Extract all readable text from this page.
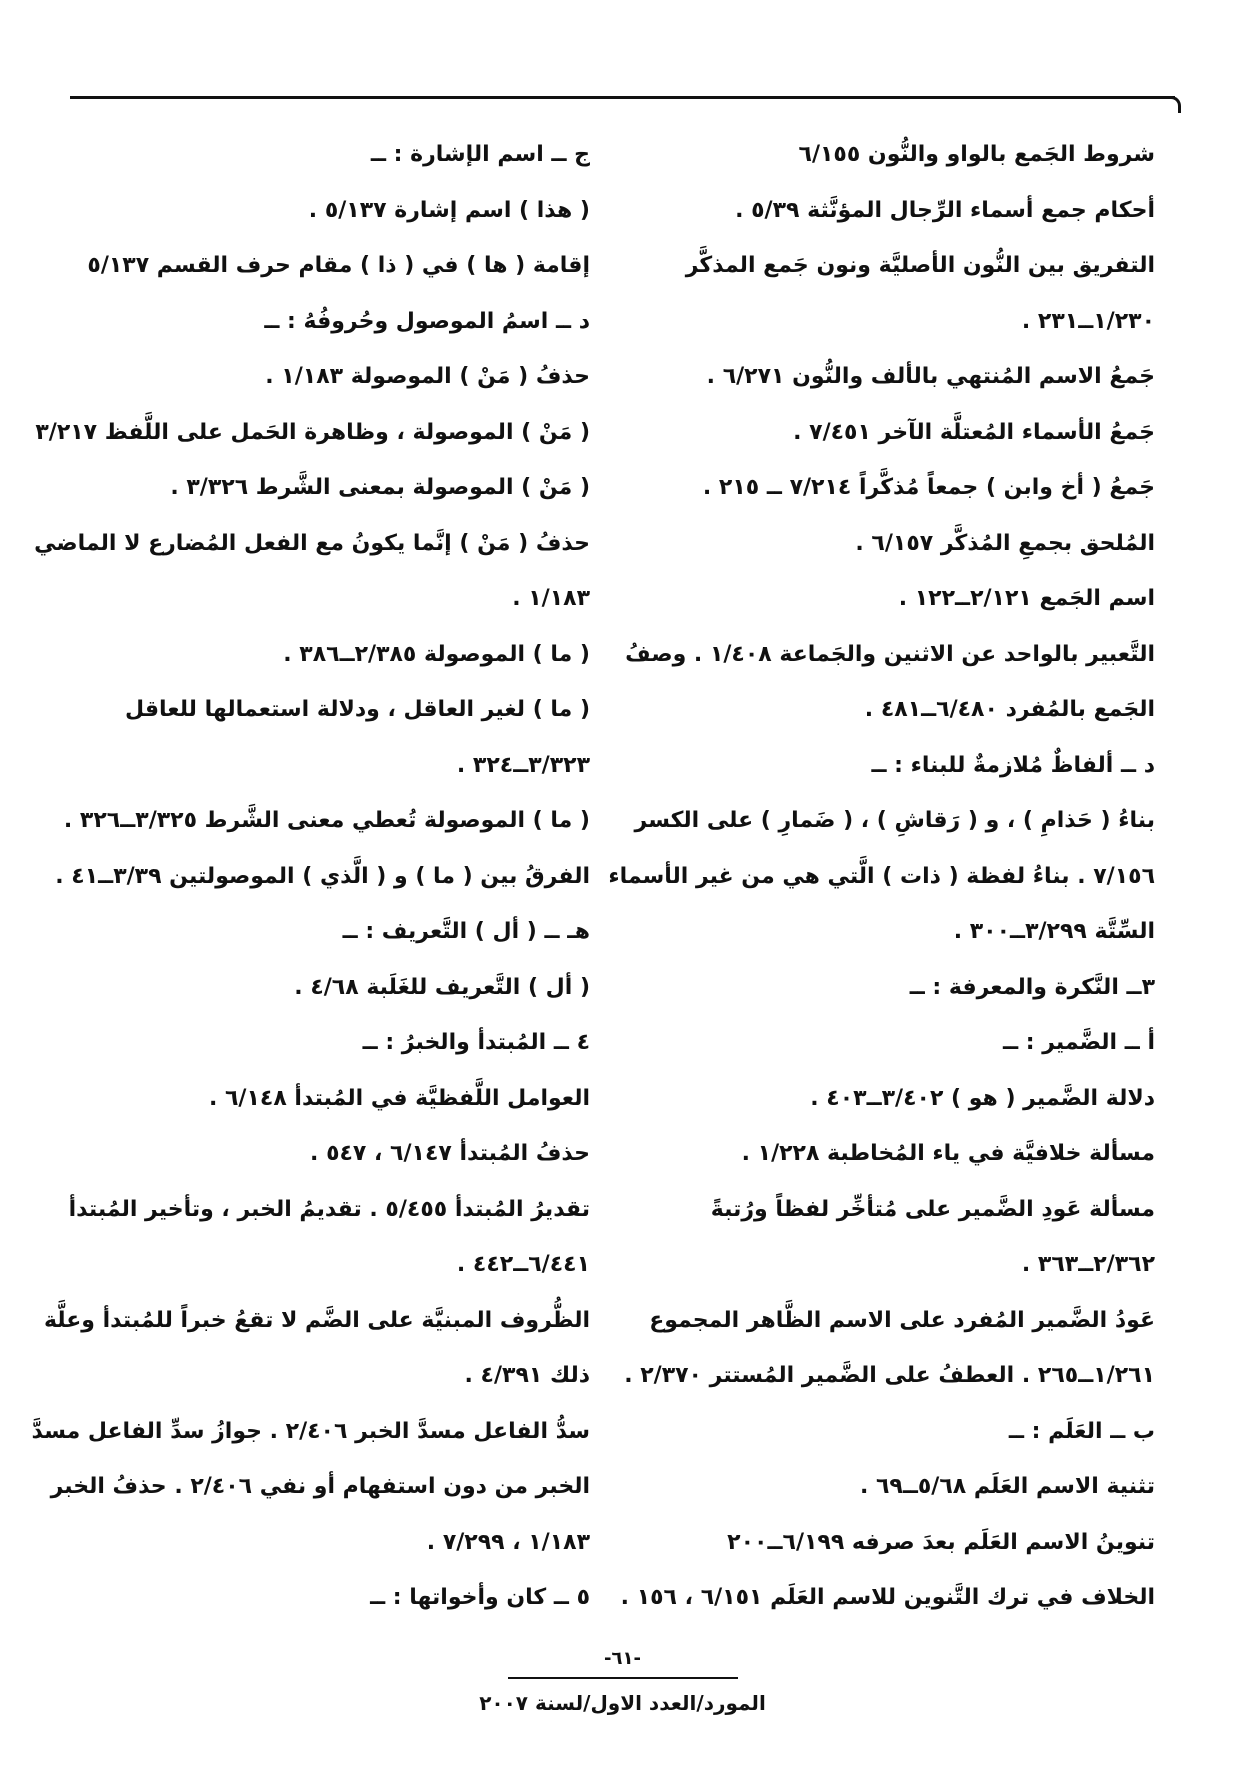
شروط الجَمع بالواو والنُّون ٦/١٥٥
أحكام جمع أسماء الرِّجال المؤنَّثة ٥/٣٩ .
التفريق بين النُّون الأصليَّة ونون جَمع المذكَّر
١/٢٣٠ــ٢٣١ .
جَمعُ الاسم المُنتهي بالألف والنُّون ٦/٢٧١ .
جَمعُ الأسماء المُعتلَّة الآخر ٧/٤٥١ .
جَمعُ ( أخ وابن ) جمعاً مُذكَّراً ٧/٢١٤ ــ ٢١٥ .
المُلحق بجمعِ المُذكَّر ٦/١٥٧ .
اسم الجَمع ٢/١٢١ــ١٢٢ .
التَّعبير بالواحد عن الاثنين والجَماعة ١/٤٠٨ . وصفُ
الجَمع بالمُفرد ٦/٤٨٠ــ٤٨١ .
د ــ ألفاظٌ مُلازمةٌ للبناء : ــ
بناءُ ( حَذامِ ) ، و ( رَقاشِ ) ، ( ضَمارِ ) على الكسر
٧/١٥٦ . بناءُ لفظة ( ذات ) الَّتي هي من غير الأسماء
السِّتَّة ٣/٢٩٩ــ٣٠٠ .
٣ــ النَّكرة والمعرفة : ــ
أ ــ الضَّمير : ــ
دلالة الضَّمير ( هو ) ٣/٤٠٢ــ٤٠٣ .
مسألة خلافيَّة في ياء المُخاطبة ١/٢٢٨ .
مسألة عَودِ الضَّمير على مُتأخِّر لفظاً ورُتبةً
٢/٣٦٢ــ٣٦٣ .
عَودُ الضَّمير المُفرد على الاسم الظَّاهر المجموع
١/٢٦١ــ٢٦٥ . العطفُ على الضَّمير المُستتر ٢/٣٧٠ .
ب ــ العَلَم : ــ
تثنية الاسم العَلَم ٥/٦٨ــ٦٩ .
تنوينُ الاسم العَلَم بعدَ صرفه ٦/١٩٩ــ٢٠٠
الخلاف في ترك التَّنوين للاسم العَلَم ٦/١٥١ ، ١٥٦ .
ج ــ اسم الإشارة : ــ
( هذا ) اسم إشارة ٥/١٣٧ .
إقامة ( ها ) في ( ذا ) مقام حرف القسم ٥/١٣٧
د ــ اسمُ الموصول وحُروفُهُ : ــ
حذفُ ( مَنْ ) الموصولة ١/١٨٣ .
( مَنْ ) الموصولة ، وظاهرة الحَمل على اللَّفظ ٣/٢١٧
( مَنْ ) الموصولة بمعنى الشَّرط ٣/٣٢٦ .
حذفُ ( مَنْ ) إنَّما يكونُ مع الفعل المُضارع لا الماضي
١/١٨٣ .
( ما ) الموصولة ٢/٣٨٥ــ٣٨٦ .
( ما ) لغير العاقل ، ودلالة استعمالها للعاقل
٣/٣٢٣ــ٣٢٤ .
( ما ) الموصولة تُعطي معنى الشَّرط ٣/٣٢٥ــ٣٢٦ .
الفرقُ بين ( ما ) و ( الَّذي ) الموصولتين ٣/٣٩ــ٤١ .
هـ ــ ( أل ) التَّعريف : ــ
( أل ) التَّعريف للغَلَبة ٤/٦٨ .
٤ ــ المُبتدأ والخبرُ : ــ
العوامل اللَّفظيَّة في المُبتدأ ٦/١٤٨ .
حذفُ المُبتدأ ٦/١٤٧ ، ٥٤٧ .
تقديرُ المُبتدأ ٥/٤٥٥ . تقديمُ الخبر ، وتأخير المُبتدأ
٦/٤٤١ــ٤٤٢ .
الظُّروف المبنيَّة على الضَّم لا تقعُ خبراً للمُبتدأ وعلَّة
ذلك ٤/٣٩١ .
سدُّ الفاعل مسدَّ الخبر ٢/٤٠٦ . جوازُ سدِّ الفاعل مسدَّ
الخبر من دون استفهام أو نفي ٢/٤٠٦ . حذفُ الخبر
١/١٨٣ ، ٧/٢٩٩ .
٥ ــ كان وأخواتها : ــ
-٦١-
المورد/العدد الاول/لسنة ٢٠٠٧
